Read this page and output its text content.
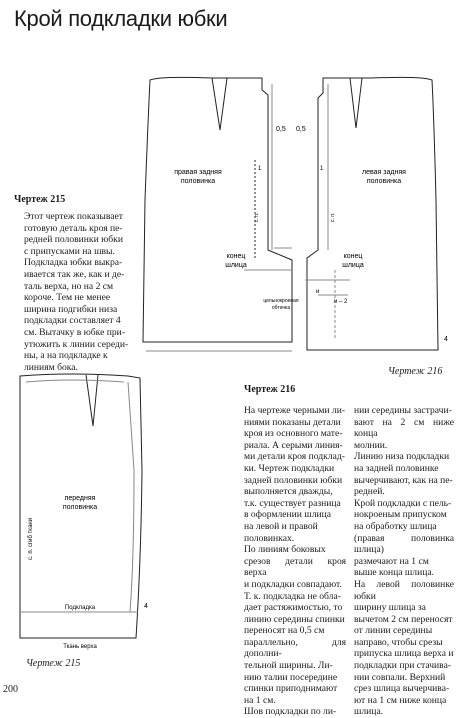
Крой подкладки юбки
Чертеж 215
Этот чертеж показывает
готовую деталь кроя пе-
редней половинки юбки
с припусками на швы.
Подкладка юбки выкра-
ивается так же, как и де-
таль верха, но на 2 см
короче. Тем не менее
ширина подгибки низа
подкладки составляет 4
см. Вытачку в юбке при-
утюжить к линии середи-
ны, а на подкладке к
линиям бока.	Чертеж 216
Чертеж 216
На чертеже черными ли-
ниями показаны детали
кроя из основного мате-
риала. А серыми линия-
ми детали кроя подклад-
ки. Чертеж подкладки
задней половинки юбки
выполняется дважды,
т.к. существует разница
в оформлении шлица
на левой и правой
половинках.
По линиям боковых
срезов детали кроя верха
и подкладки совпадают.
Т. к. подкладка не обла-
дает растяжимостью, то
линию середины спинки
переносят на 0,5 см
параллельно, для дополни-
тельной ширины. Ли-
нию талии посередине
спинки приподнимают
на 1 см.
Шов подкладки по ли-
нии середины застрачи-
вают на 2 см ниже конца
молнии.
Линию низа подкладки
на задней половинке
вычерчивают, как на пе-
редней.
Крой подкладки с пель-
нокроеным припуском
на обработку шлица
(правая половинка шлица)
размечают на 1 см
выше конца шлица.
На левой половинке юбки
ширину шлица за
вычетом 2 см переносят
от линии середины
направо, чтобы срезы
припуска шлица верха и
подкладки при стачива-
нии совпали. Верхний
срез шлица вычерчива-
ют на 1 см ниже конца
шлица.
Чертеж 215
200
правая задняя
половинка
левая задняя
половинка
конец
шлица
конец
шлица
цельнокроеная
обтачка
0,5 0,5
1	1
с. п.	с. п.
и – 2
и
4
передняя
половинка
с. п. сгиб ткани
Подкладка
Ткань верха
4
